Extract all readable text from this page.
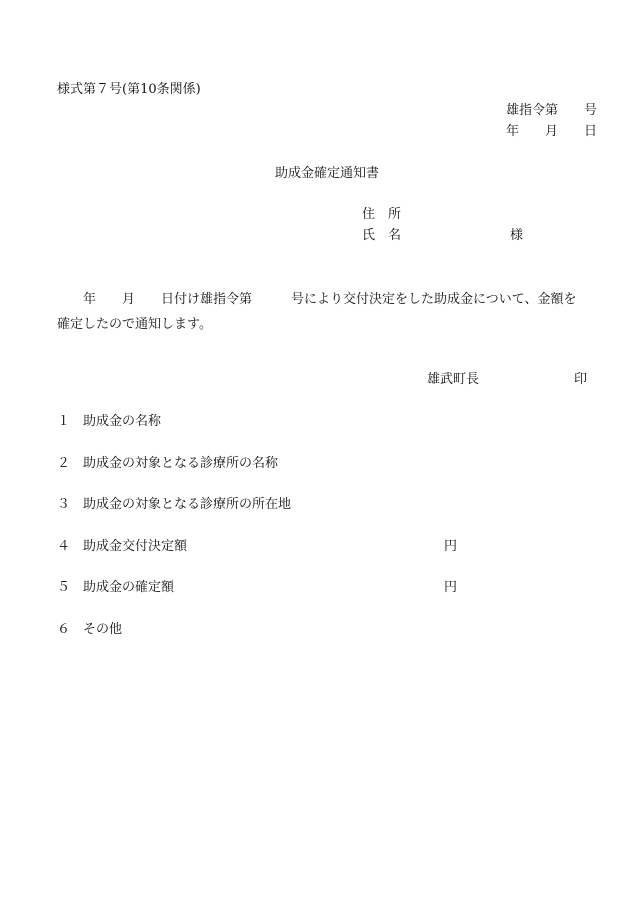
様式第７号(第10条関係)
雄指令第　　号
年　　月　　日
助成金確定通知書
住　所
氏　名	様
　　年　　月　　日付け雄指令第　　　号により交付決定をした助成金について、金額を
確定したので通知します。
雄武町長	印
１ 助成金の名称
２ 助成金の対象となる診療所の名称
３ 助成金の対象となる診療所の所在地
４ 助成金交付決定額	円
５ 助成金の確定額	円
６ その他
